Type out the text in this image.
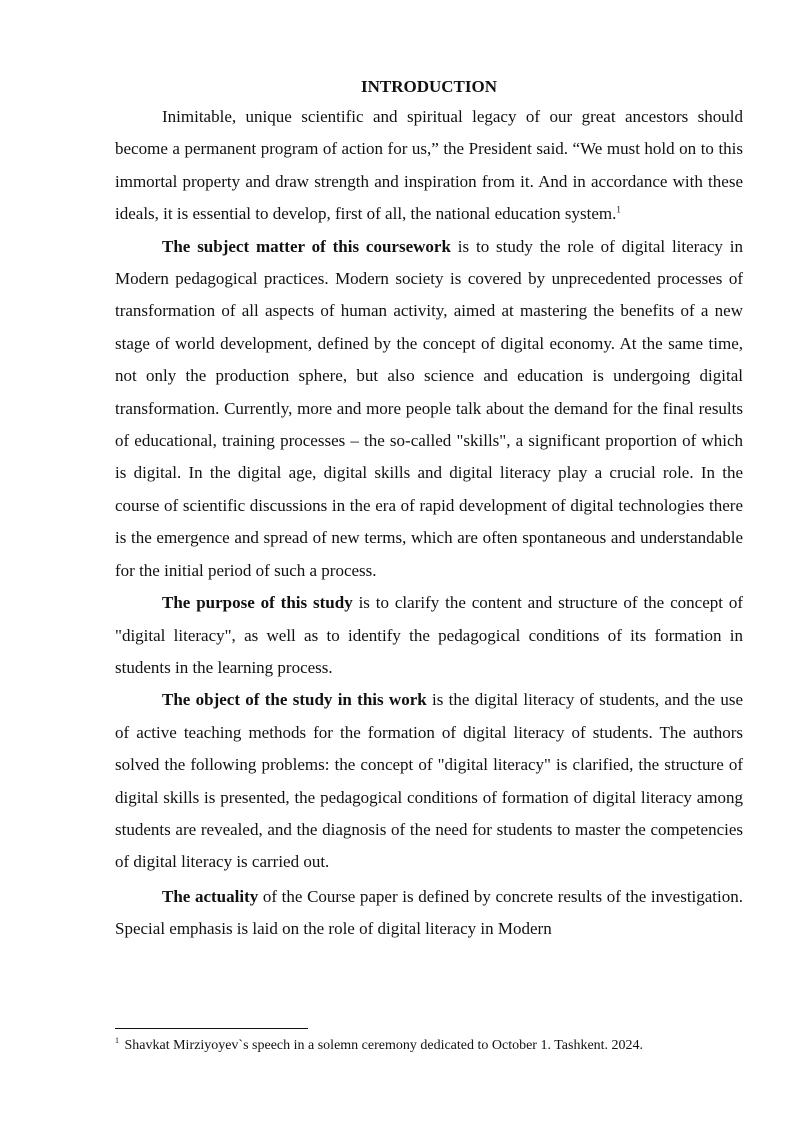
INTRODUCTION

Inimitable, unique scientific and spiritual legacy of our great ancestors should become a permanent program of action for us,” the President said. “We must hold on to this immortal property and draw strength and inspiration from it. And in accordance with these ideals, it is essential to develop, first of all, the national education system.$^1$

The subject matter of this coursework is to study the role of digital literacy in Modern pedagogical practices. Modern society is covered by unprecedented processes of transformation of all aspects of human activity, aimed at mastering the benefits of a new stage of world development, defined by the concept of digital economy. At the same time, not only the production sphere, but also science and education is undergoing digital transformation. Currently, more and more people talk about the demand for the final results of educational, training processes – the so-called "skills", a significant proportion of which is digital. In the digital age, digital skills and digital literacy play a crucial role. In the course of scientific discussions in the era of rapid development of digital technologies there is the emergence and spread of new terms, which are often spontaneous and understandable for the initial period of such a process.

The purpose of this study is to clarify the content and structure of the concept of "digital literacy", as well as to identify the pedagogical conditions of its formation in students in the learning process.

The object of the study in this work is the digital literacy of students, and the use of active teaching methods for the formation of digital literacy of students. The authors solved the following problems: the concept of "digital literacy" is clarified, the structure of digital skills is presented, the pedagogical conditions of formation of digital literacy among students are revealed, and the diagnosis of the need for students to master the competencies of digital literacy is carried out.

The actuality of the Course paper is defined by concrete results of the investigation. Special emphasis is laid on the role of digital literacy in Modern

$^1$ Shavkat Mirziyoyev`s speech in a solemn ceremony dedicated to October 1. Tashkent. 2024.
